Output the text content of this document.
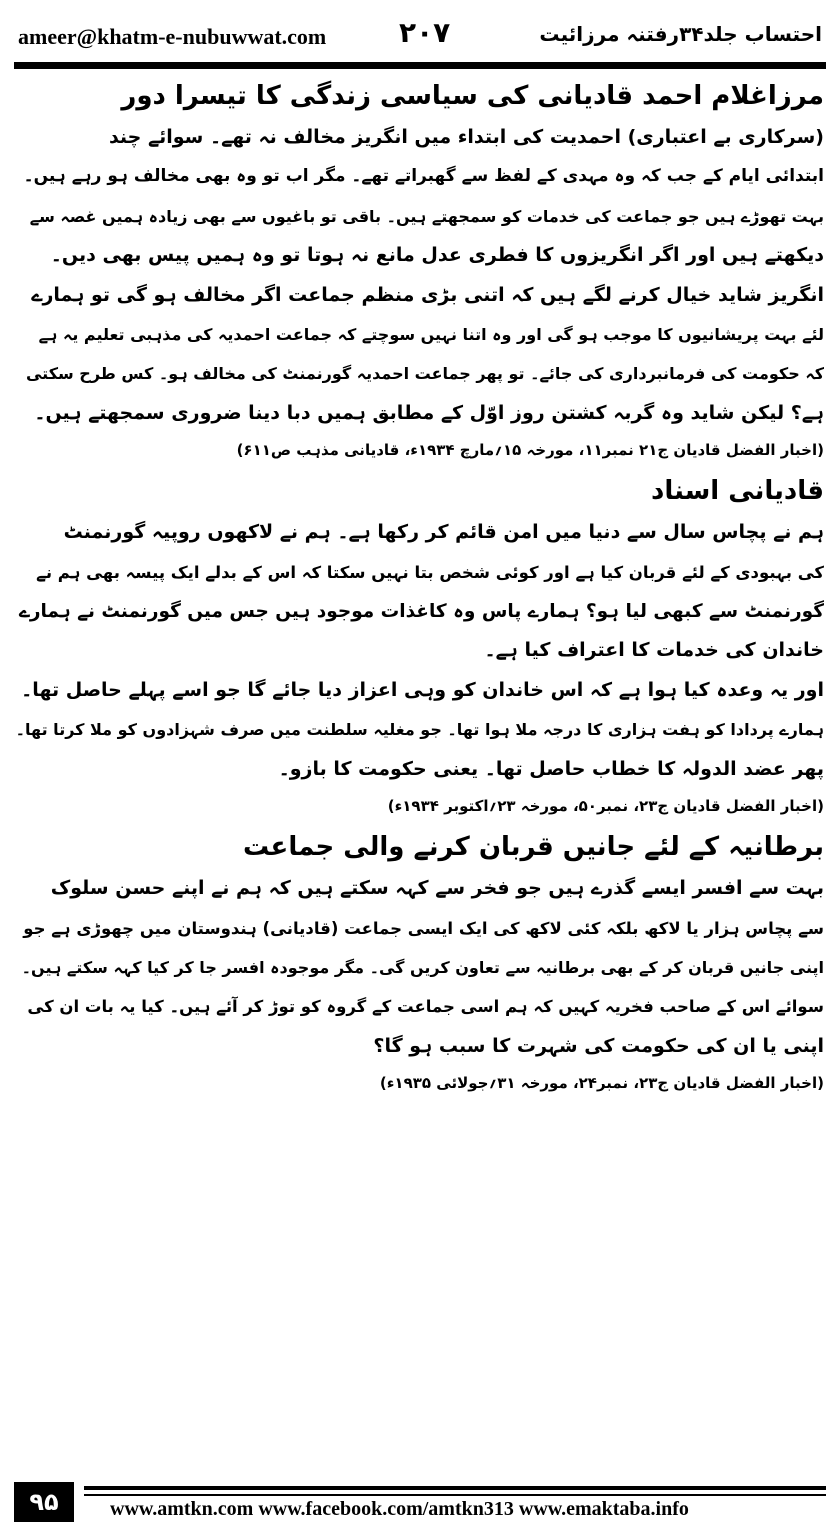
ameer@khatm-e-nubuwwat.com	۲۰۷	احتساب جلد۳۴رفتنہ مرزائیت
مرزاغلام احمد قادیانی کی سیاسی زندگی کا تیسرا دور
(سرکاری بے اعتباری) احمدیت کی ابتداء میں انگریز مخالف نہ تھے۔ سوائے چند
ابتدائی ایام کے جب کہ وہ مہدی کے لفظ سے گھبراتے تھے۔ مگر اب تو وہ بھی مخالف ہو رہے ہیں۔
بہت تھوڑے ہیں جو جماعت کی خدمات کو سمجھتے ہیں۔ باقی تو باغیوں سے بھی زیادہ ہمیں غصہ سے
دیکھتے ہیں اور اگر انگریزوں کا فطری عدل مانع نہ ہوتا تو وہ ہمیں پیس بھی دیں۔
انگریز شاید خیال کرنے لگے ہیں کہ اتنی بڑی منظم جماعت اگر مخالف ہو گی تو ہمارے
لئے بہت پریشانیوں کا موجب ہو گی اور وہ اتنا نہیں سوچتے کہ جماعت احمدیہ کی مذہبی تعلیم یہ ہے
کہ حکومت کی فرمانبرداری کی جائے۔ تو پھر جماعت احمدیہ گورنمنٹ کی مخالف ہو۔ کس طرح سکتی
ہے؟ لیکن شاید وہ گربہ کشتن روز اوّل کے مطابق ہمیں دبا دینا ضروری سمجھتے ہیں۔

(اخبار الفضل قادیان ج۲۱ نمبر۱۱، مورخہ ۱۵؍مارچ ۱۹۳۴ء، قادیانی مذہب ص۶۱۱)

قادیانی اسناد
ہم نے پچاس سال سے دنیا میں امن قائم کر رکھا ہے۔ ہم نے لاکھوں روپیہ گورنمنٹ
کی بہبودی کے لئے قربان کیا ہے اور کوئی شخص بتا نہیں سکتا کہ اس کے بدلے ایک پیسہ بھی ہم نے
گورنمنٹ سے کبھی لیا ہو؟ ہمارے پاس وہ کاغذات موجود ہیں جس میں گورنمنٹ نے ہمارے
خاندان کی خدمات کا اعتراف کیا ہے۔
اور یہ وعدہ کیا ہوا ہے کہ اس خاندان کو وہی اعزاز دیا جائے گا جو اسے پہلے حاصل تھا۔
ہمارے پردادا کو ہفت ہزاری کا درجہ ملا ہوا تھا۔ جو مغلیہ سلطنت میں صرف شہزادوں کو ملا کرتا تھا۔
پھر عضد الدولہ کا خطاب حاصل تھا۔ یعنی حکومت کا بازو۔

(اخبار الفضل قادیان ج۲۳، نمبر۵۰، مورخہ ۲۳؍اکتوبر ۱۹۳۴ء)

برطانیہ کے لئے جانیں قربان کرنے والی جماعت
بہت سے افسر ایسے گذرے ہیں جو فخر سے کہہ سکتے ہیں کہ ہم نے اپنے حسن سلوک
سے پچاس ہزار یا لاکھ بلکہ کئی لاکھ کی ایک ایسی جماعت (قادیانی) ہندوستان میں چھوڑی ہے جو
اپنی جانیں قربان کر کے بھی برطانیہ سے تعاون کریں گی۔ مگر موجودہ افسر جا کر کیا کہہ سکتے ہیں۔
سوائے اس کے صاحب فخریہ کہیں کہ ہم اسی جماعت کے گروہ کو توڑ کر آئے ہیں۔ کیا یہ بات ان کی
اپنی یا ان کی حکومت کی شہرت کا سبب ہو گا؟

(اخبار الفضل قادیان ج۲۳، نمبر۲۴، مورخہ ۳۱؍جولائی ۱۹۳۵ء)

۹۵	www.amtkn.com www.facebook.com/amtkn313 www.emaktaba.info
